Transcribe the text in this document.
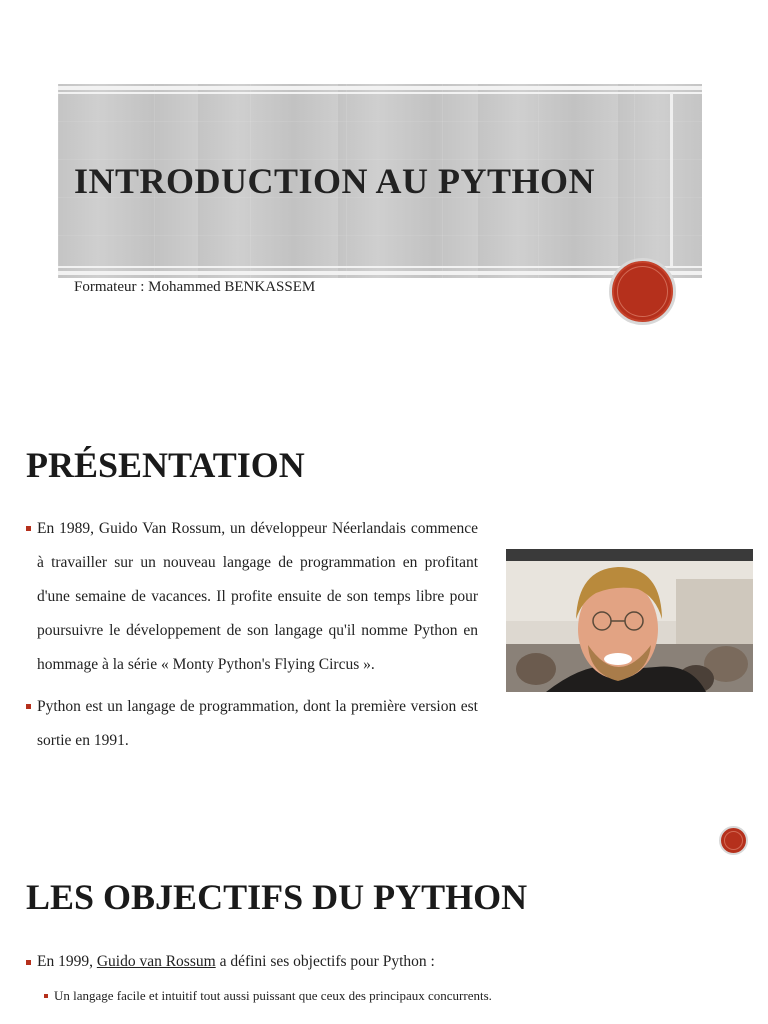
INTRODUCTION AU PYTHON
Formateur : Mohammed BENKASSEM
PRÉSENTATION

En 1989, Guido Van Rossum, un développeur Néerlandais commence à travailler sur un nouveau langage de programmation en profitant d'une semaine de vacances. Il profite ensuite de son temps libre pour poursuivre le développement de son langage qu'il nomme Python en hommage à la série « Monty Python's Flying Circus ».

Python est un langage de programmation, dont la première version est sortie en 1991.

LES OBJECTIFS DU PYTHON

En 1999, Guido van Rossum a défini ses objectifs pour Python :

Un langage facile et intuitif tout aussi puissant que ceux des principaux concurrents.
